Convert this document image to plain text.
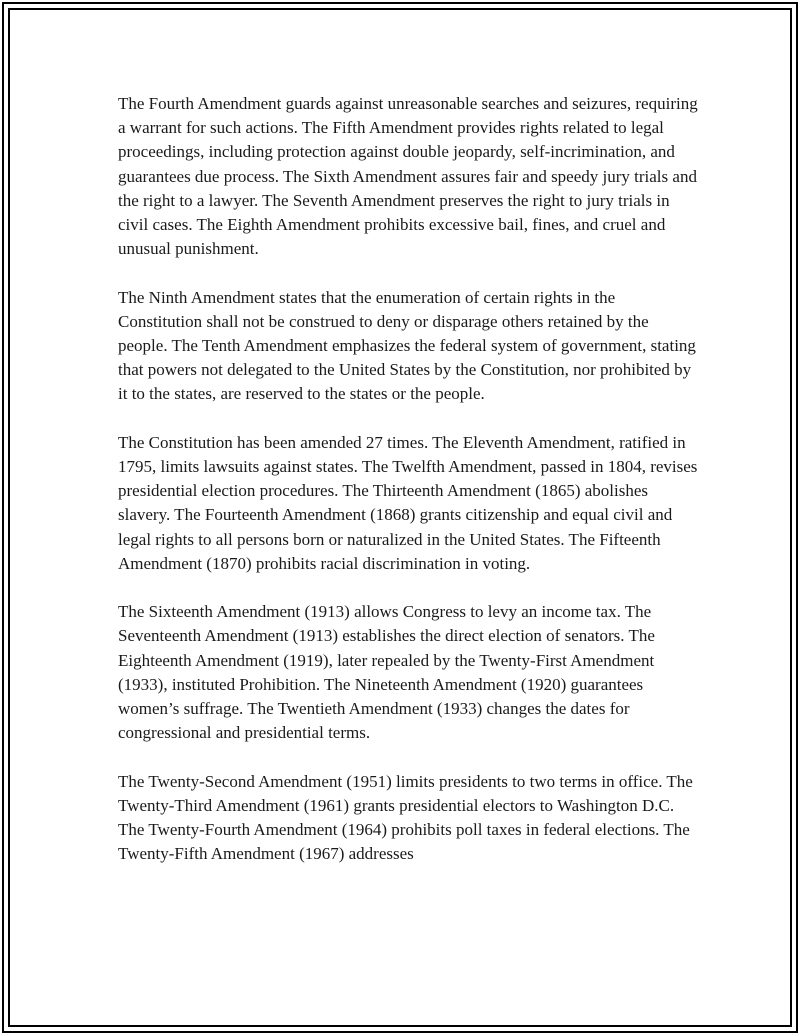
The Fourth Amendment guards against unreasonable searches and seizures, requiring a warrant for such actions. The Fifth Amendment provides rights related to legal proceedings, including protection against double jeopardy, self-incrimination, and guarantees due process. The Sixth Amendment assures fair and speedy jury trials and the right to a lawyer. The Seventh Amendment preserves the right to jury trials in civil cases. The Eighth Amendment prohibits excessive bail, fines, and cruel and unusual punishment.

The Ninth Amendment states that the enumeration of certain rights in the Constitution shall not be construed to deny or disparage others retained by the people. The Tenth Amendment emphasizes the federal system of government, stating that powers not delegated to the United States by the Constitution, nor prohibited by it to the states, are reserved to the states or the people.

The Constitution has been amended 27 times. The Eleventh Amendment, ratified in 1795, limits lawsuits against states. The Twelfth Amendment, passed in 1804, revises presidential election procedures. The Thirteenth Amendment (1865) abolishes slavery. The Fourteenth Amendment (1868) grants citizenship and equal civil and legal rights to all persons born or naturalized in the United States. The Fifteenth Amendment (1870) prohibits racial discrimination in voting.

The Sixteenth Amendment (1913) allows Congress to levy an income tax. The Seventeenth Amendment (1913) establishes the direct election of senators. The Eighteenth Amendment (1919), later repealed by the Twenty-First Amendment (1933), instituted Prohibition. The Nineteenth Amendment (1920) guarantees women’s suffrage. The Twentieth Amendment (1933) changes the dates for congressional and presidential terms.

The Twenty-Second Amendment (1951) limits presidents to two terms in office. The Twenty-Third Amendment (1961) grants presidential electors to Washington D.C. The Twenty-Fourth Amendment (1964) prohibits poll taxes in federal elections. The Twenty-Fifth Amendment (1967) addresses
